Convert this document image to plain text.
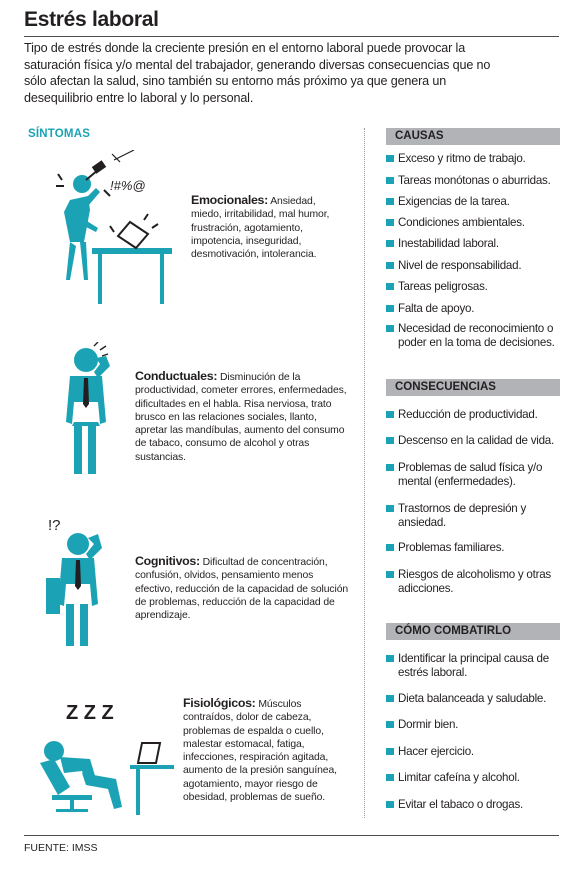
Estrés laboral
Tipo de estrés donde la creciente presión en el entorno laboral puede provocar la saturación física y/o mental del trabajador, generando diversas consecuencias que no sólo afectan la salud, sino también su entorno más próximo ya que genera un desequilibrio entre lo laboral y lo personal.
SÍNTOMAS
!#%@
Emocionales: Ansiedad, miedo, irritabilidad, mal humor, frustración, agotamiento, impotencia, inseguridad, desmotivación, intolerancia.
Conductuales: Disminución de la productividad, cometer errores, enfermedades, dificultades en el habla. Risa nerviosa, trato brusco en las relaciones sociales, llanto, apretar las mandíbulas, aumento del consumo de tabaco, consumo de alcohol y otras sustancias.
!?
Cognitivos: Dificultad de concentración, confusión, olvidos, pensamiento menos efectivo, reducción de la capacidad de solución de problemas, reducción de la capacidad de aprendizaje.
Z Z Z	Fisiológicos: Músculos contraídos, dolor de cabeza, problemas de espalda o cuello, malestar estomacal, fatiga, infecciones, respiración agitada, aumento de la presión sanguínea, agotamiento, mayor riesgo de obesidad, problemas de sueño.
CAUSAS
Exceso y ritmo de trabajo.
Tareas monótonas o aburridas.
Exigencias de la tarea.
Condiciones ambientales.
Inestabilidad laboral.
Nivel de responsabilidad.
Tareas peligrosas.
Falta de apoyo.
Necesidad de reconocimiento o poder en la toma de decisiones.
CONSECUENCIAS
Reducción de productividad.
Descenso en la calidad de vida.
Problemas de salud física y/o mental (enfermedades).
Trastornos de depresión y ansiedad.
Problemas familiares.
Riesgos de alcoholismo y otras adicciones.
CÓMO COMBATIRLO
Identificar la principal causa de estrés laboral.
Dieta balanceada y saludable.
Dormir bien.
Hacer ejercicio.
Limitar cafeína y alcohol.
Evitar el tabaco o drogas.
FUENTE: IMSS
